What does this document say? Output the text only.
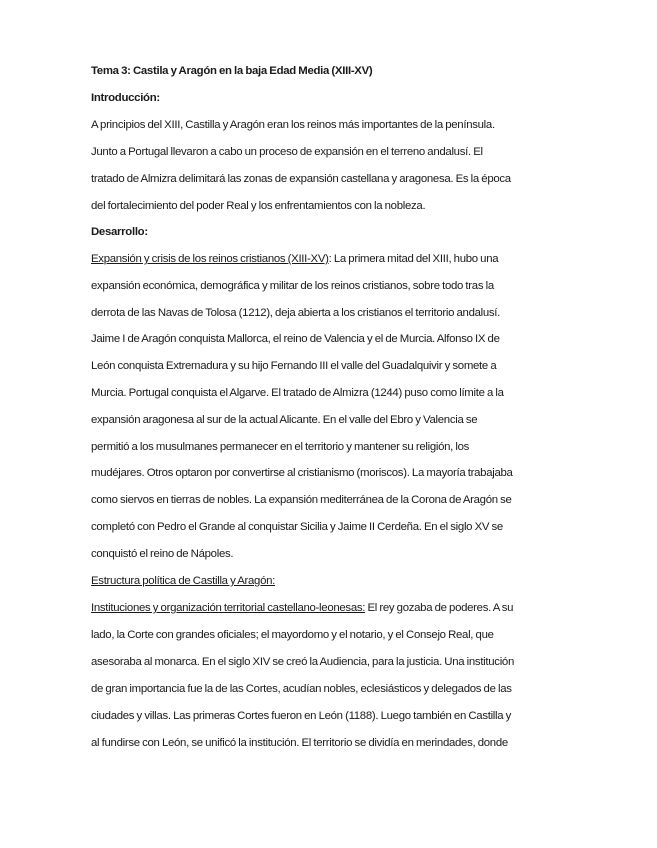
Tema 3: Castila y Aragón en la baja Edad Media (XIII-XV)
Introducción:
A principios del XIII, Castilla y Aragón eran los reinos más importantes de la península.
Junto a Portugal llevaron a cabo un proceso de expansión en el terreno andalusí. El
tratado de Almizra delimitará las zonas de expansión castellana y aragonesa. Es la época
del fortalecimiento del poder Real y los enfrentamientos con la nobleza.
Desarrollo:
Expansión y crisis de los reinos cristianos (XIII-XV): La primera mitad del XIII, hubo una
expansión económica, demográfica y militar de los reinos cristianos, sobre todo tras la
derrota de las Navas de Tolosa (1212), deja abierta a los cristianos el territorio andalusí.
Jaime I de Aragón conquista Mallorca, el reino de Valencia y el de Murcia. Alfonso IX de
León conquista Extremadura y su hijo Fernando III el valle del Guadalquivir y somete a
Murcia. Portugal conquista el Algarve. El tratado de Almizra (1244) puso como límite a la
expansión aragonesa al sur de la actual Alicante. En el valle del Ebro y Valencia se
permitió a los musulmanes permanecer en el territorio y mantener su religión, los
mudéjares. Otros optaron por convertirse al cristianismo (moriscos). La mayoría trabajaba
como siervos en tierras de nobles. La expansión mediterránea de la Corona de Aragón se
completó con Pedro el Grande al conquistar Sicilia y Jaime II Cerdeña. En el siglo XV se
conquistó el reino de Nápoles.
Estructura política de Castilla y Aragón:
Instituciones y organización territorial castellano-leonesas: El rey gozaba de poderes. A su
lado, la Corte con grandes oficiales; el mayordomo y el notario, y el Consejo Real, que
asesoraba al monarca. En el siglo XIV se creó la Audiencia, para la justicia. Una institución
de gran importancia fue la de las Cortes, acudían nobles, eclesiásticos y delegados de las
ciudades y villas. Las primeras Cortes fueron en León (1188). Luego también en Castilla y
al fundirse con León, se unificó la institución. El territorio se dividía en merindades, donde
